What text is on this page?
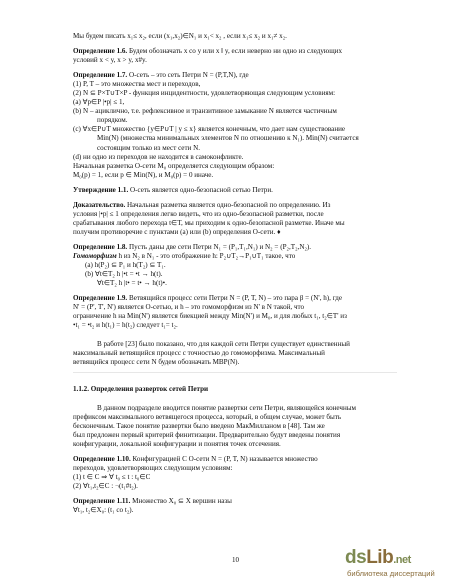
Мы будем писать x₁≤ x₂, если (x₁,x₂)∈N₁ и x₁< x₂ , если x₁≤ x₂ и x₁≠ x₂.

Определение 1.6. Будем обозначать x co y или x ǁ y, если неверно ни одно из следующих

условий x < y, x > y, x#y.

Определение 1.7. О-сеть – это сеть Петри N = (P,T,N), где

(1) P, T – это множества мест и переходов,

(2) N ⊆ P×T∪T×P - функция инцидентности, удовлетворяющая следующим условиям:

(a) ∀p∈P |•p| ≤ 1,

(b) N – ацикличнo, т.е. рефлексивное и транзитивное замыкание N является частичным

порядком.

(c) ∀x∈P∪T множество {y∈P∪T | y ≤ x} является конечным, что дает нам существование

Min(N) (множества минимальных элементов N по отношению к N₁). Min(N) считается

состоящим только из мест сети N.

(d) ни одно из переходов не находится в самоконфликте.

Начальная разметка О-сети M₀ определяется следующим образом:

M₀(p) = 1, если p ∈ Min(N), и M₀(p) = 0 иначе.

Утверждение 1.1. О-сеть является одно-безопасной сетью Петри.

Доказательство. Начальная разметка является одно-безопасной по определению. Из

условия |•p| ≤ 1 определения легко видеть, что из одно-безопасной разметки, после

срабатывания любого перехода t∈T, мы приходим к одно-безопасной разметке. Иначе мы

получим противоречие с пунктами (a) или (b) определения О-сети. ♦

Определение 1.8. Пусть даны две сети Петри N₁ = (P₁,T₁,N₁) и N₂ = (P₂,T₂,N₂).

Гомоморфизм h из N₂ в N₁ - это отображение h: P₂∪T₂→P₁∪T₁ такое, что

(a) h(P₂) ⊆ P₁ и h(T₂) ⊆ T₁.

(b) ∀t∈T₂ h |•t = •t → h(t).

∀t∈T₂ h |t• = t• → h(t)•.

Определение 1.9. Ветвящийся процесс сети Петри N = (P, T, N) – это пара β = (N', h), где

N' = (P', T', N') является О-сетью, и h – это гомоморфизм из N' в N такой, что

ограничение h на Min(N') является биекцией между Min(N') и M₀, и для любых t₁, t₂∈T' из

•t₁ = •t₂ и h(t₁) = h(t₂) следует t₁= t₂.

В работе [23] было показано, что для каждой сети Петри существует единственный

максимальный ветвящийся процесс с точностью до гомоморфизма. Максимальный

ветвящийся процесс сети N будем обозначать MBP(N).

1.1.2. Определения разверток сетей Петри

В данном подразделе вводится понятие развертки сети Петри, являющейся конечным

префиксом максимального ветвящегося процесса, который, в общем случае, может быть

бесконечным. Такое понятие развертки было введено МакМилланом в [48]. Там же

был предложен первый критерий финитизации. Предварительно будут введены понятия

конфигурации, локальной конфигурации и понятия точек отсечения.

Определение 1.10. Конфигурацией С О-сети N = (P, T, N) называется множество

переходов, удовлетворяющих следующим условиям:

(1) t ∈ C ⇒ ∀ t₀ ≤ t : t₀∈C

(2) ∀t₁,t₂∈C : ¬(t₁#t₂).

Определение 1.11. Множество X₀ ⊆ X вершин назы

∀t₁, t₂∈X₀: (t₁ co t₂).

10	dsLib.net
библиотека диссертаций
